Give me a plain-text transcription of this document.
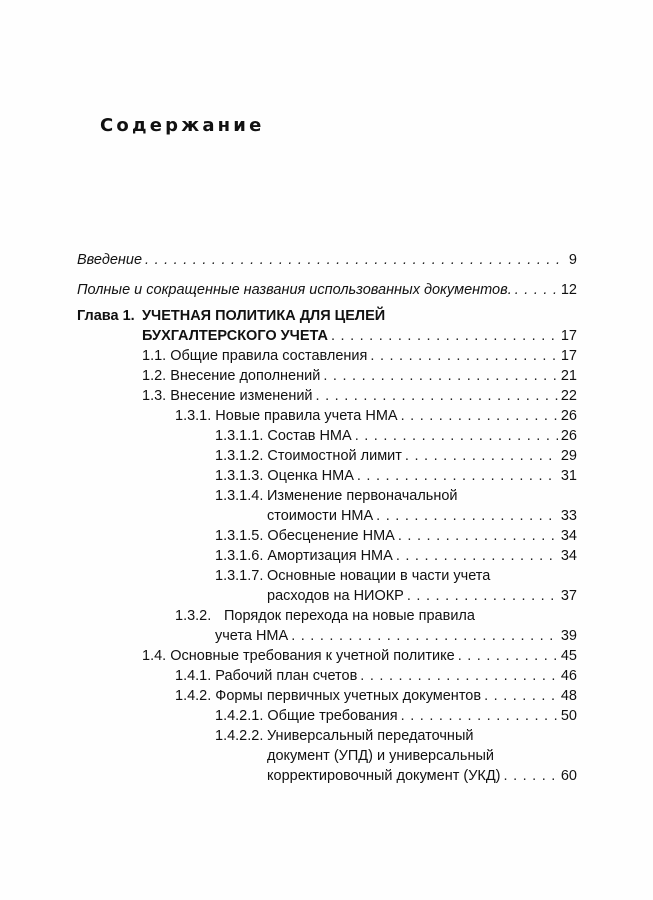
Содержание
Введение . . .	9
Полные и сокращенные названия использованных документов. . . .	12
Глава 1. УЧЕТНАЯ ПОЛИТИКА ДЛЯ ЦЕЛЕЙ
БУХГАЛТЕРСКОГО УЧЕТА . . .	17
1.1. Общие правила составления . . .	17
1.2. Внесение дополнений . . .	21
1.3. Внесение изменений . . .	22
1.3.1. Новые правила учета НМА . . .	26
1.3.1.1. Состав НМА . . .	26
1.3.1.2. Стоимостной лимит . . .	29
1.3.1.3. Оценка НМА . . .	31
1.3.1.4. Изменение первоначальной
стоимости НМА . . .	33
1.3.1.5. Обесценение НМА . . .	34
1.3.1.6. Амортизация НМА . . .	34
1.3.1.7. Основные новации в части учета
расходов на НИОКР . . .	37
1.3.2. Порядок перехода на новые правила
учета НМА . . .	39
1.4. Основные требования к учетной политике . . .	45
1.4.1. Рабочий план счетов . . .	46
1.4.2. Формы первичных учетных документов . . .	48
1.4.2.1. Общие требования . . .	50
1.4.2.2. Универсальный передаточный
документ (УПД) и универсальный
корректировочный документ (УКД) . . .	60
